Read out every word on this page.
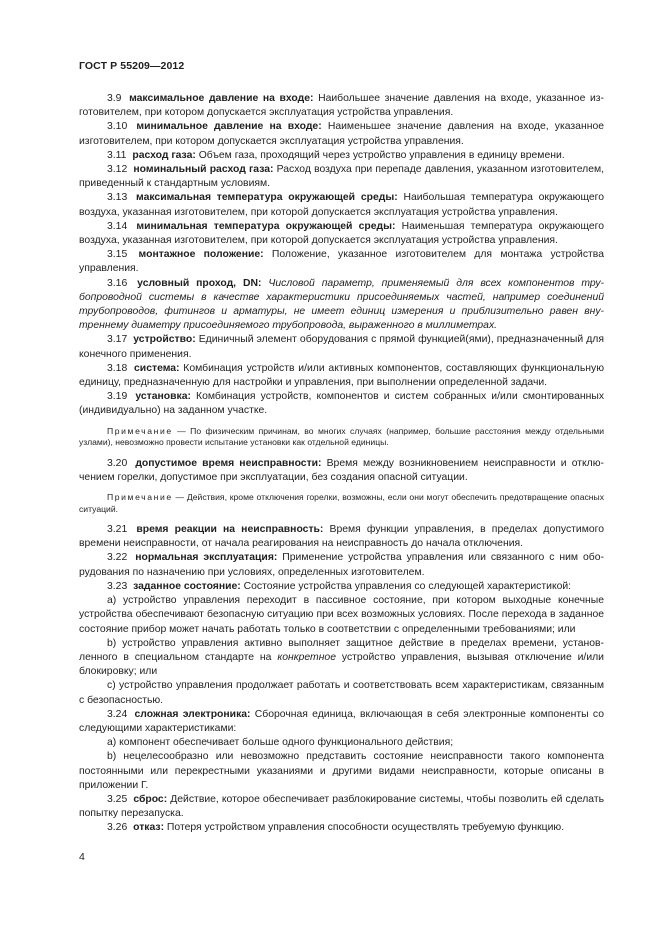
ГОСТ Р 55209—2012

3.9 максимальное давление на входе: Наибольшее значение давления на входе, указанное изготовителем, при котором допускается эксплуатация устройства управления.

3.10 минимальное давление на входе: Наименьшее значение давления на входе, указанное изготовителем, при котором допускается эксплуатация устройства управления.

3.11 расход газа: Объем газа, проходящий через устройство управления в единицу времени.

3.12 номинальный расход газа: Расход воздуха при перепаде давления, указанном изготовителем, приведенный к стандартным условиям.

3.13 максимальная температура окружающей среды: Наибольшая температура окружающего воздуха, указанная изготовителем, при которой допускается эксплуатация устройства управления.

3.14 минимальная температура окружающей среды: Наименьшая температура окружающего воздуха, указанная изготовителем, при которой допускается эксплуатация устройства управления.

3.15 монтажное положение: Положение, указанное изготовителем для монтажа устройства управления.

3.16 условный проход, DN: Числовой параметр, применяемый для всех компонентов трубопроводной системы в качестве характеристики присоединяемых частей, например соединений трубопроводов, фитингов и арматуры, не имеет единиц измерения и приблизительно равен внутреннему диаметру присоединяемого трубопровода, выраженного в миллиметрах.

3.17 устройство: Единичный элемент оборудования с прямой функцией(ями), предназначенный для конечного применения.

3.18 система: Комбинация устройств и/или активных компонентов, составляющих функциональную единицу, предназначенную для настройки и управления, при выполнении определенной задачи.

3.19 установка: Комбинация устройств, компонентов и систем собранных и/или смонтированных (индивидуально) на заданном участке.

Примечание — По физическим причинам, во многих случаях (например, большие расстояния между отдельными узлами), невозможно провести испытание установки как отдельной единицы.

3.20 допустимое время неисправности: Время между возникновением неисправности и отключением горелки, допустимое при эксплуатации, без создания опасной ситуации.

Примечание — Действия, кроме отключения горелки, возможны, если они могут обеспечить предотвращение опасных ситуаций.

3.21 время реакции на неисправность: Время функции управления, в пределах допустимого времени неисправности, от начала реагирования на неисправность до начала отключения.

3.22 нормальная эксплуатация: Применение устройства управления или связанного с ним оборудования по назначению при условиях, определенных изготовителем.

3.23 заданное состояние: Состояние устройства управления со следующей характеристикой:

а) устройство управления переходит в пассивное состояние, при котором выходные конечные устройства обеспечивают безопасную ситуацию при всех возможных условиях. После перехода в заданное состояние прибор может начать работать только в соответствии с определенными требованиями; или

b) устройство управления активно выполняет защитное действие в пределах времени, установленного в специальном стандарте на конкретное устройство управления, вызывая отключение и/или блокировку; или

с) устройство управления продолжает работать и соответствовать всем характеристикам, связанным с безопасностью.

3.24 сложная электроника: Сборочная единица, включающая в себя электронные компоненты со следующими характеристиками:

а) компонент обеспечивает больше одного функционального действия;

b) нецелесообразно или невозможно представить состояние неисправности такого компонента постоянными или перекрестными указаниями и другими видами неисправности, которые описаны в приложении Г.

3.25 сброс: Действие, которое обеспечивает разблокирование системы, чтобы позволить ей сделать попытку перезапуска.

3.26 отказ: Потеря устройством управления способности осуществлять требуемую функцию.

4
